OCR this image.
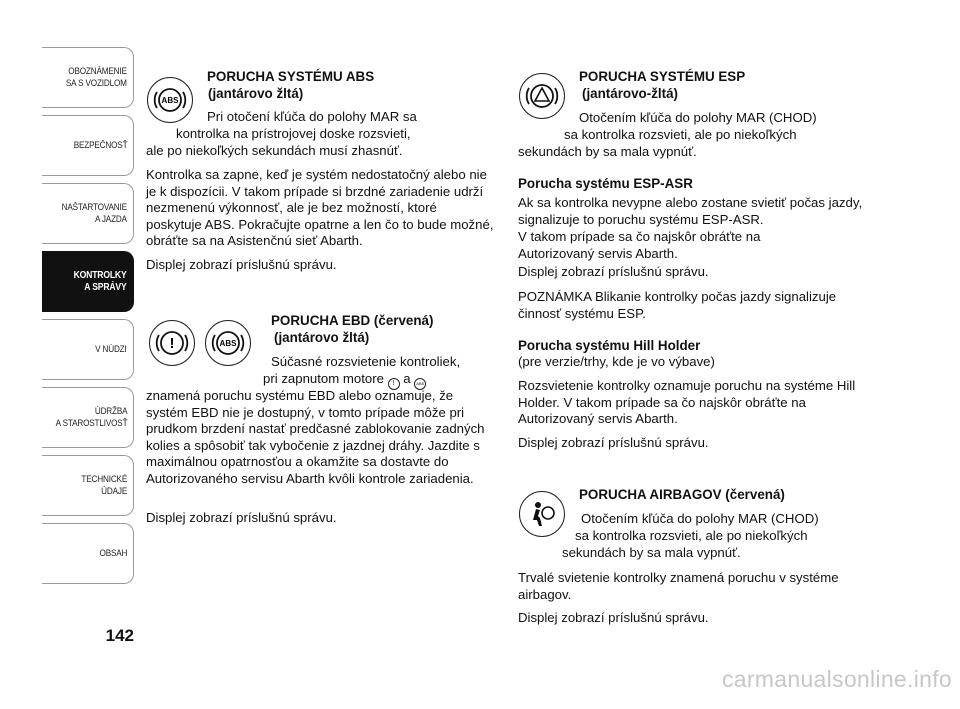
OBOZNÁMENIE
SA S VOZIDLOM
BEZPEČNOSŤ
NAŠTARTOVANIE
A JAZDA
KONTROLKY
A SPRÁVY
V NÚDZI
ÚDRŽBA
A STAROSTLIVOSŤ
TECHNICKÉ
ÚDAJE
OBSAH
142
ABS
PORUCHA SYSTÉMU ABS
(jantárovo žltá)
Pri otočení kľúča do polohy MAR sa
kontrolka na prístrojovej doske rozsvieti,
ale po niekoľkých sekundách musí zhasnúť.
Kontrolka sa zapne, keď je systém nedostatočný alebo nie je k dispozícii. V takom prípade si brzdné zariadenie udrží nezmenenú výkonnosť, ale je bez možností, ktoré poskytuje ABS. Pokračujte opatrne a len čo to bude možné, obráťte sa na Asistenčnú sieť Abarth.
Displej zobrazí príslušnú správu.
!	ABS
PORUCHA EBD (červená)
(jantárovo žltá)
Súčasné rozsvietenie kontroliek,
pri zapnutom motore ! a ABS
znamená poruchu systému EBD alebo oznamuje, že systém EBD nie je dostupný, v tomto prípade môže pri prudkom brzdení nastať predčasné zablokovanie zadných kolies a spôsobiť tak vybočenie z jazdnej dráhy. Jazdite s maximálnou opatrnosťou a okamžite sa dostavte do Autorizovaného servisu Abarth kvôli kontrole zariadenia.
Displej zobrazí príslušnú správu.
PORUCHA SYSTÉMU ESP
(jantárovo-žltá)
Otočením kľúča do polohy MAR (CHOD)
sa kontrolka rozsvieti, ale po niekoľkých
sekundách by sa mala vypnúť.
Porucha systému ESP-ASR
Ak sa kontrolka nevypne alebo zostane svietiť počas jazdy, signalizuje to poruchu systému ESP-ASR.
V takom prípade sa čo najskôr obráťte na Autorizovaný servis Abarth.
Displej zobrazí príslušnú správu.
POZNÁMKA Blikanie kontrolky počas jazdy signalizuje činnosť systému ESP.
Porucha systému Hill Holder
(pre verzie/trhy, kde je vo výbave)
Rozsvietenie kontrolky oznamuje poruchu na systéme Hill Holder. V takom prípade sa čo najskôr obráťte na Autorizovaný servis Abarth.
Displej zobrazí príslušnú správu.
PORUCHA AIRBAGOV (červená)
Otočením kľúča do polohy MAR (CHOD)
sa kontrolka rozsvieti, ale po niekoľkých
sekundách by sa mala vypnúť.
Trvalé svietenie kontrolky znamená poruchu v systéme airbagov.
Displej zobrazí príslušnú správu.
carmanualsonline.info
